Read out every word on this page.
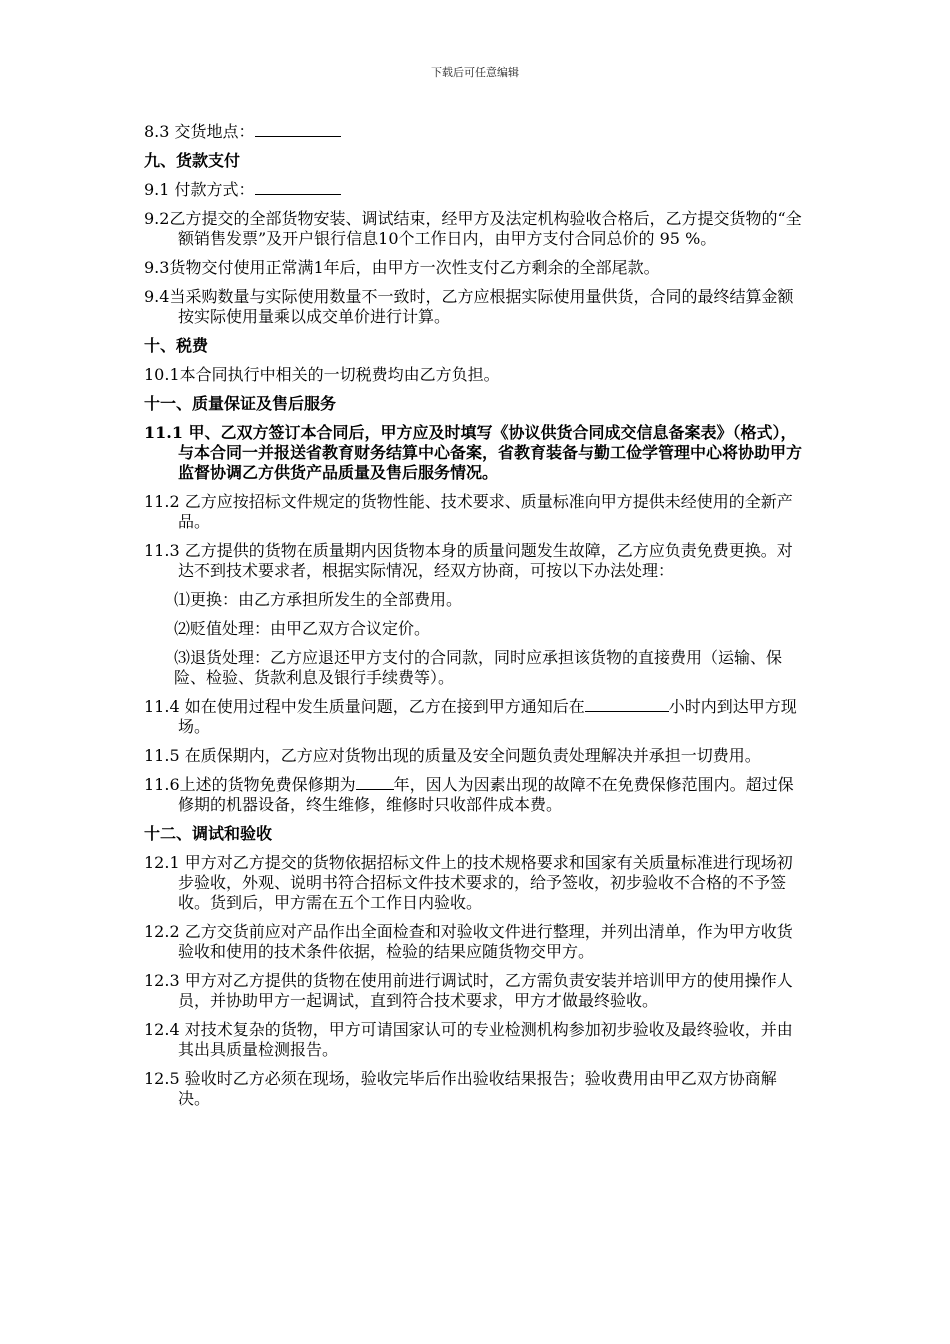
下载后可任意编辑

8.3 交货地点：

九、货款支付

9.1 付款方式：

9.2乙方提交的全部货物安装、调试结束，经甲方及法定机构验收合格后，乙方提交货物的“全额销售发票”及开户银行信息10个工作日内，由甲方支付合同总价的 95 %。

9.3货物交付使用正常满1年后，由甲方一次性支付乙方剩余的全部尾款。

9.4当采购数量与实际使用数量不一致时，乙方应根据实际使用量供货，合同的最终结算金额按实际使用量乘以成交单价进行计算。

十、税费

10.1本合同执行中相关的一切税费均由乙方负担。

十一、质量保证及售后服务

11.1 甲、乙双方签订本合同后，甲方应及时填写《协议供货合同成交信息备案表》（格式），与本合同一并报送省教育财务结算中心备案，省教育装备与勤工俭学管理中心将协助甲方监督协调乙方供货产品质量及售后服务情况。

11.2 乙方应按招标文件规定的货物性能、技术要求、质量标准向甲方提供未经使用的全新产品。

11.3 乙方提供的货物在质量期内因货物本身的质量问题发生故障，乙方应负责免费更换。对达不到技术要求者，根据实际情况，经双方协商，可按以下办法处理：

⑴更换：由乙方承担所发生的全部费用。

⑵贬值处理：由甲乙双方合议定价。

⑶退货处理：乙方应退还甲方支付的合同款，同时应承担该货物的直接费用（运输、保险、检验、货款利息及银行手续费等）。

11.4 如在使用过程中发生质量问题，乙方在接到甲方通知后在	小时内到达甲方现场。

11.5 在质保期内，乙方应对货物出现的质量及安全问题负责处理解决并承担一切费用。

11.6上述的货物免费保修期为 年，因人为因素出现的故障不在免费保修范围内。超过保修期的机器设备，终生维修，维修时只收部件成本费。

十二、调试和验收

12.1 甲方对乙方提交的货物依据招标文件上的技术规格要求和国家有关质量标准进行现场初步验收，外观、说明书符合招标文件技术要求的，给予签收，初步验收不合格的不予签收。货到后，甲方需在五个工作日内验收。

12.2 乙方交货前应对产品作出全面检查和对验收文件进行整理，并列出清单，作为甲方收货验收和使用的技术条件依据，检验的结果应随货物交甲方。

12.3 甲方对乙方提供的货物在使用前进行调试时，乙方需负责安装并培训甲方的使用操作人员，并协助甲方一起调试，直到符合技术要求，甲方才做最终验收。

12.4 对技术复杂的货物，甲方可请国家认可的专业检测机构参加初步验收及最终验收，并由其出具质量检测报告。

12.5 验收时乙方必须在现场，验收完毕后作出验收结果报告；验收费用由甲乙双方协商解决。
